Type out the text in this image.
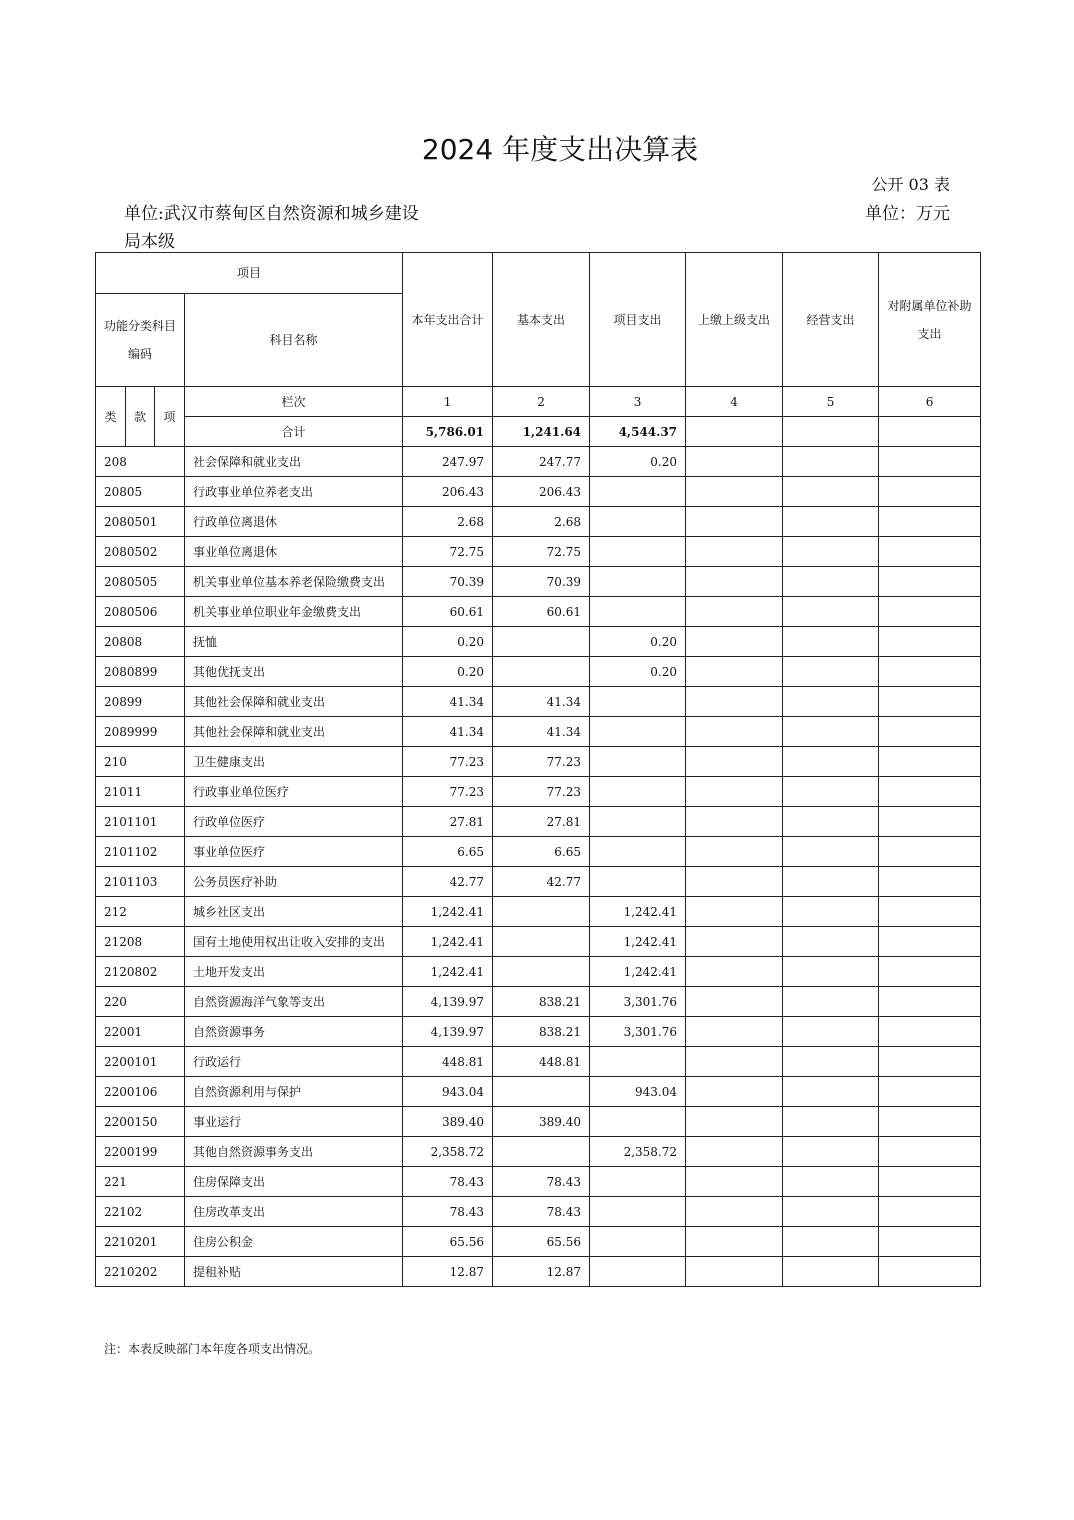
2024 年度支出决算表
公开 03 表
单位:武汉市蔡甸区自然资源和城乡建设
局本级
单位：万元
项目				本年支出合计	基本支出	项目支出	上缴上级支出	经营支出	对附属单位补助支出
功能分类科目编码			科目名称						
类	款	项	栏次	1	2	3	4	5	6
			合计	5,786.01	1,241.64	4,544.37			
208			社会保障和就业支出	247.97	247.77	0.20			
20805			行政事业单位养老支出	206.43	206.43				
2080501			行政单位离退休	2.68	2.68				
2080502			事业单位离退休	72.75	72.75				
2080505			机关事业单位基本养老保险缴费支出	70.39	70.39				
2080506			机关事业单位职业年金缴费支出	60.61	60.61				
20808			抚恤	0.20		0.20			
2080899			其他优抚支出	0.20		0.20			
20899			其他社会保障和就业支出	41.34	41.34				
2089999			其他社会保障和就业支出	41.34	41.34				
210			卫生健康支出	77.23	77.23				
21011			行政事业单位医疗	77.23	77.23				
2101101			行政单位医疗	27.81	27.81				
2101102			事业单位医疗	6.65	6.65				
2101103			公务员医疗补助	42.77	42.77				
212			城乡社区支出	1,242.41		1,242.41			
21208			国有土地使用权出让收入安排的支出	1,242.41		1,242.41			
2120802			土地开发支出	1,242.41		1,242.41			
220			自然资源海洋气象等支出	4,139.97	838.21	3,301.76			
22001			自然资源事务	4,139.97	838.21	3,301.76			
2200101			行政运行	448.81	448.81				
2200106			自然资源利用与保护	943.04		943.04			
2200150			事业运行	389.40	389.40				
2200199			其他自然资源事务支出	2,358.72		2,358.72			
221			住房保障支出	78.43	78.43				
22102			住房改革支出	78.43	78.43				
2210201			住房公积金	65.56	65.56				
2210202			提租补贴	12.87	12.87				
注：本表反映部门本年度各项支出情况。
